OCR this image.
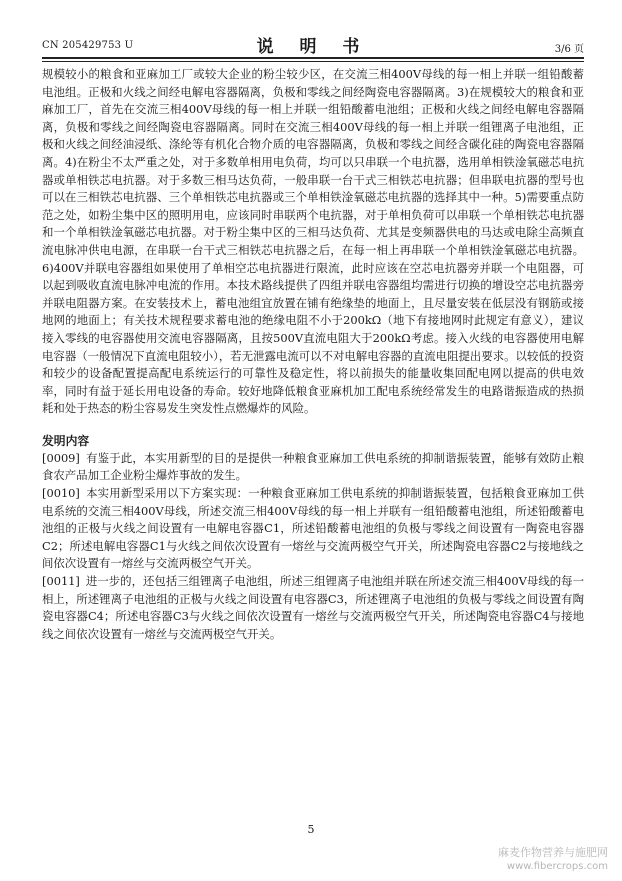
CN 205429753 U	说 明 书	3/6 页

规模较小的粮食和亚麻加工厂或较大企业的粉尘较少区，在交流三相400V母线的每一相上并联一组铅酸蓄电池组。正极和火线之间经电解电容器隔离，负极和零线之间经陶瓷电容器隔离。3)在规模较大的粮食和亚麻加工厂，首先在交流三相400V母线的每一相上并联一组铅酸蓄电池组；正极和火线之间经电解电容器隔离，负极和零线之间经陶瓷电容器隔离。同时在交流三相400V母线的每一相上并联一组锂离子电池组，正极和火线之间经油浸纸、涤纶等有机化合物介质的电容器隔离，负极和零线之间经含碳化硅的陶瓷电容器隔离。4)在粉尘不太严重之处，对于多数单相用电负荷，均可以只串联一个电抗器，选用单相铁淦氧磁芯电抗器或单相铁芯电抗器。对于多数三相马达负荷，一般串联一台干式三相铁芯电抗器；但串联电抗器的型号也可以在三相铁芯电抗器、三个单相铁芯电抗器或三个单相铁淦氧磁芯电抗器的选择其中一种。5)需要重点防范之处，如粉尘集中区的照明用电，应该同时串联两个电抗器，对于单相负荷可以串联一个单相铁芯电抗器和一个单相铁淦氧磁芯电抗器。对于粉尘集中区的三相马达负荷、尤其是变频器供电的马达或电除尘高频直流电脉冲供电电源，在串联一台干式三相铁芯电抗器之后，在每一相上再串联一个单相铁淦氧磁芯电抗器。6)400V并联电容器组如果使用了单相空芯电抗器进行限流，此时应该在空芯电抗器旁并联一个电阻器，可以起到吸收直流电脉冲电流的作用。本技术路线提供了四组并联电容器组均需进行切换的增设空芯电抗器旁并联电阻器方案。在安装技术上，蓄电池组宜放置在铺有绝缘垫的地面上，且尽量安装在低层没有钢筋或接地网的地面上；有关技术规程要求蓄电池的绝缘电阻不小于200kΩ（地下有接地网时此规定有意义），建议接入零线的电容器使用交流电容器隔离，且按500V直流电阻大于200kΩ考虑。接入火线的电容器使用电解电容器（一般情况下直流电阻较小），若无泄露电流可以不对电解电容器的直流电阻提出要求。以较低的投资和较少的设备配置提高配电系统运行的可靠性及稳定性，将以前损失的能量收集回配电网以提高的供电效率，同时有益于延长用电设备的寿命。较好地降低粮食亚麻机加工配电系统经常发生的电路谐振造成的热损耗和处于热态的粉尘容易发生突发性点燃爆炸的风险。

发明内容

[0009] 有鉴于此，本实用新型的目的是提供一种粮食亚麻加工供电系统的抑制谐振装置，能够有效防止粮食农产品加工企业粉尘爆炸事故的发生。

[0010] 本实用新型采用以下方案实现：一种粮食亚麻加工供电系统的抑制谐振装置，包括粮食亚麻加工供电系统的交流三相400V母线，所述交流三相400V母线的每一相上并联有一组铅酸蓄电池组，所述铅酸蓄电池组的正极与火线之间设置有一电解电容器C1，所述铅酸蓄电池组的负极与零线之间设置有一陶瓷电容器C2；所述电解电容器C1与火线之间依次设置有一熔丝与交流两极空气开关，所述陶瓷电容器C2与接地线之间依次设置有一熔丝与交流两极空气开关。

[0011] 进一步的，还包括三组锂离子电池组，所述三组锂离子电池组并联在所述交流三相400V母线的每一相上，所述锂离子电池组的正极与火线之间设置有电容器C3，所述锂离子电池组的负极与零线之间设置有陶瓷电容器C4；所述电容器C3与火线之间依次设置有一熔丝与交流两极空气开关，所述陶瓷电容器C4与接地线之间依次设置有一熔丝与交流两极空气开关。

5
麻麦作物营养与施肥网
www.fibercrops.com
